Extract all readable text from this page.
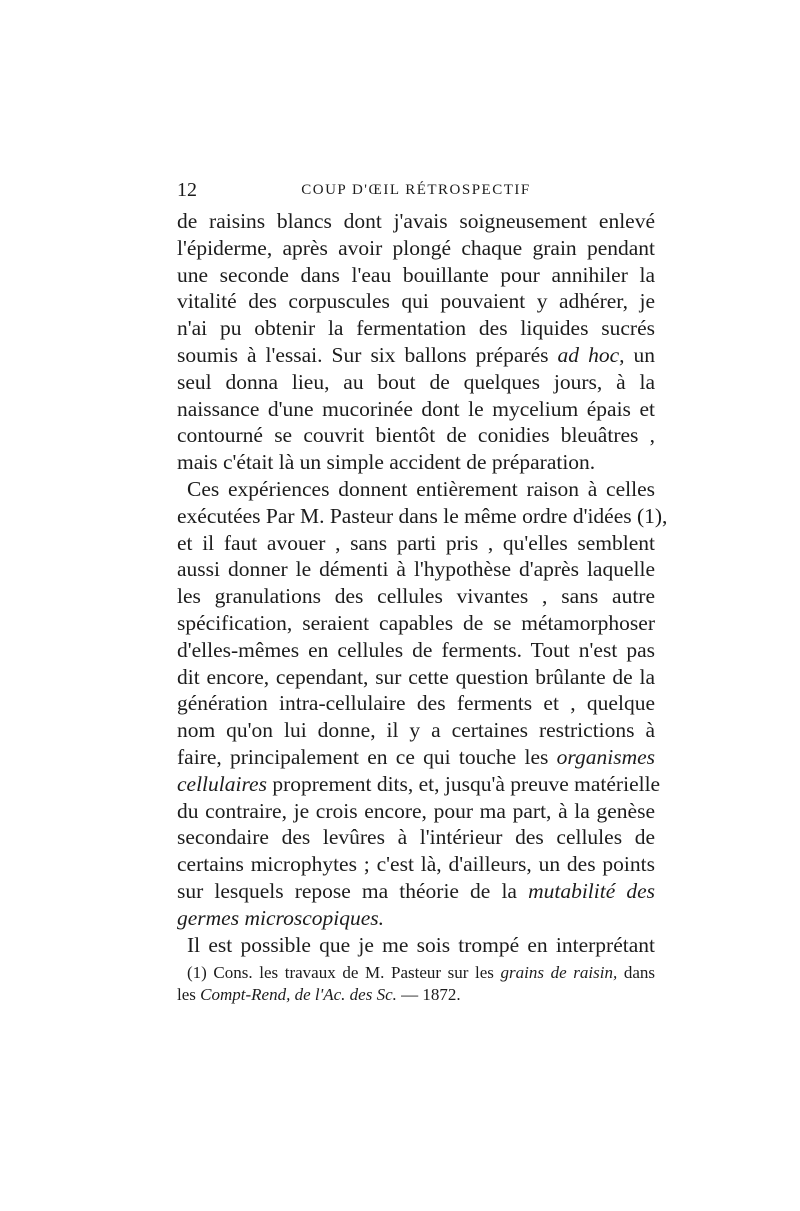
12	COUP D'ŒIL RÉTROSPECTIF
de raisins blancs dont j'avais soigneusement enlevé
l'épiderme, après avoir plongé chaque grain pendant
une seconde dans l'eau bouillante pour annihiler la
vitalité des corpuscules qui pouvaient y adhérer, je
n'ai pu obtenir la fermentation des liquides sucrés
soumis à l'essai. Sur six ballons préparés ad hoc, un
seul donna lieu, au bout de quelques jours, à la
naissance d'une mucorinée dont le mycelium épais et
contourné se couvrit bientôt de conidies bleuâtres ,
mais c'était là un simple accident de préparation.
Ces expériences donnent entièrement raison à celles
exécutées Par M. Pasteur dans le même ordre d'idées (1),
et il faut avouer , sans parti pris , qu'elles semblent
aussi donner le démenti à l'hypothèse d'après laquelle
les granulations des cellules vivantes , sans autre
spécification, seraient capables de se métamorphoser
d'elles-mêmes en cellules de ferments. Tout n'est pas
dit encore, cependant, sur cette question brûlante de la
génération intra-cellulaire des ferments et , quelque
nom qu'on lui donne, il y a certaines restrictions à
faire, principalement en ce qui touche les organismes
cellulaires proprement dits, et, jusqu'à preuve matérielle
du contraire, je crois encore, pour ma part, à la genèse
secondaire des levûres à l'intérieur des cellules de
certains microphytes ; c'est là, d'ailleurs, un des points
sur lesquels repose ma théorie de la mutabilité des
germes microscopiques.
Il est possible que je me sois trompé en interprétant
(1) Cons. les travaux de M. Pasteur sur les grains de raisin, dans
les Compt-Rend, de l'Ac. des Sc. — 1872.
